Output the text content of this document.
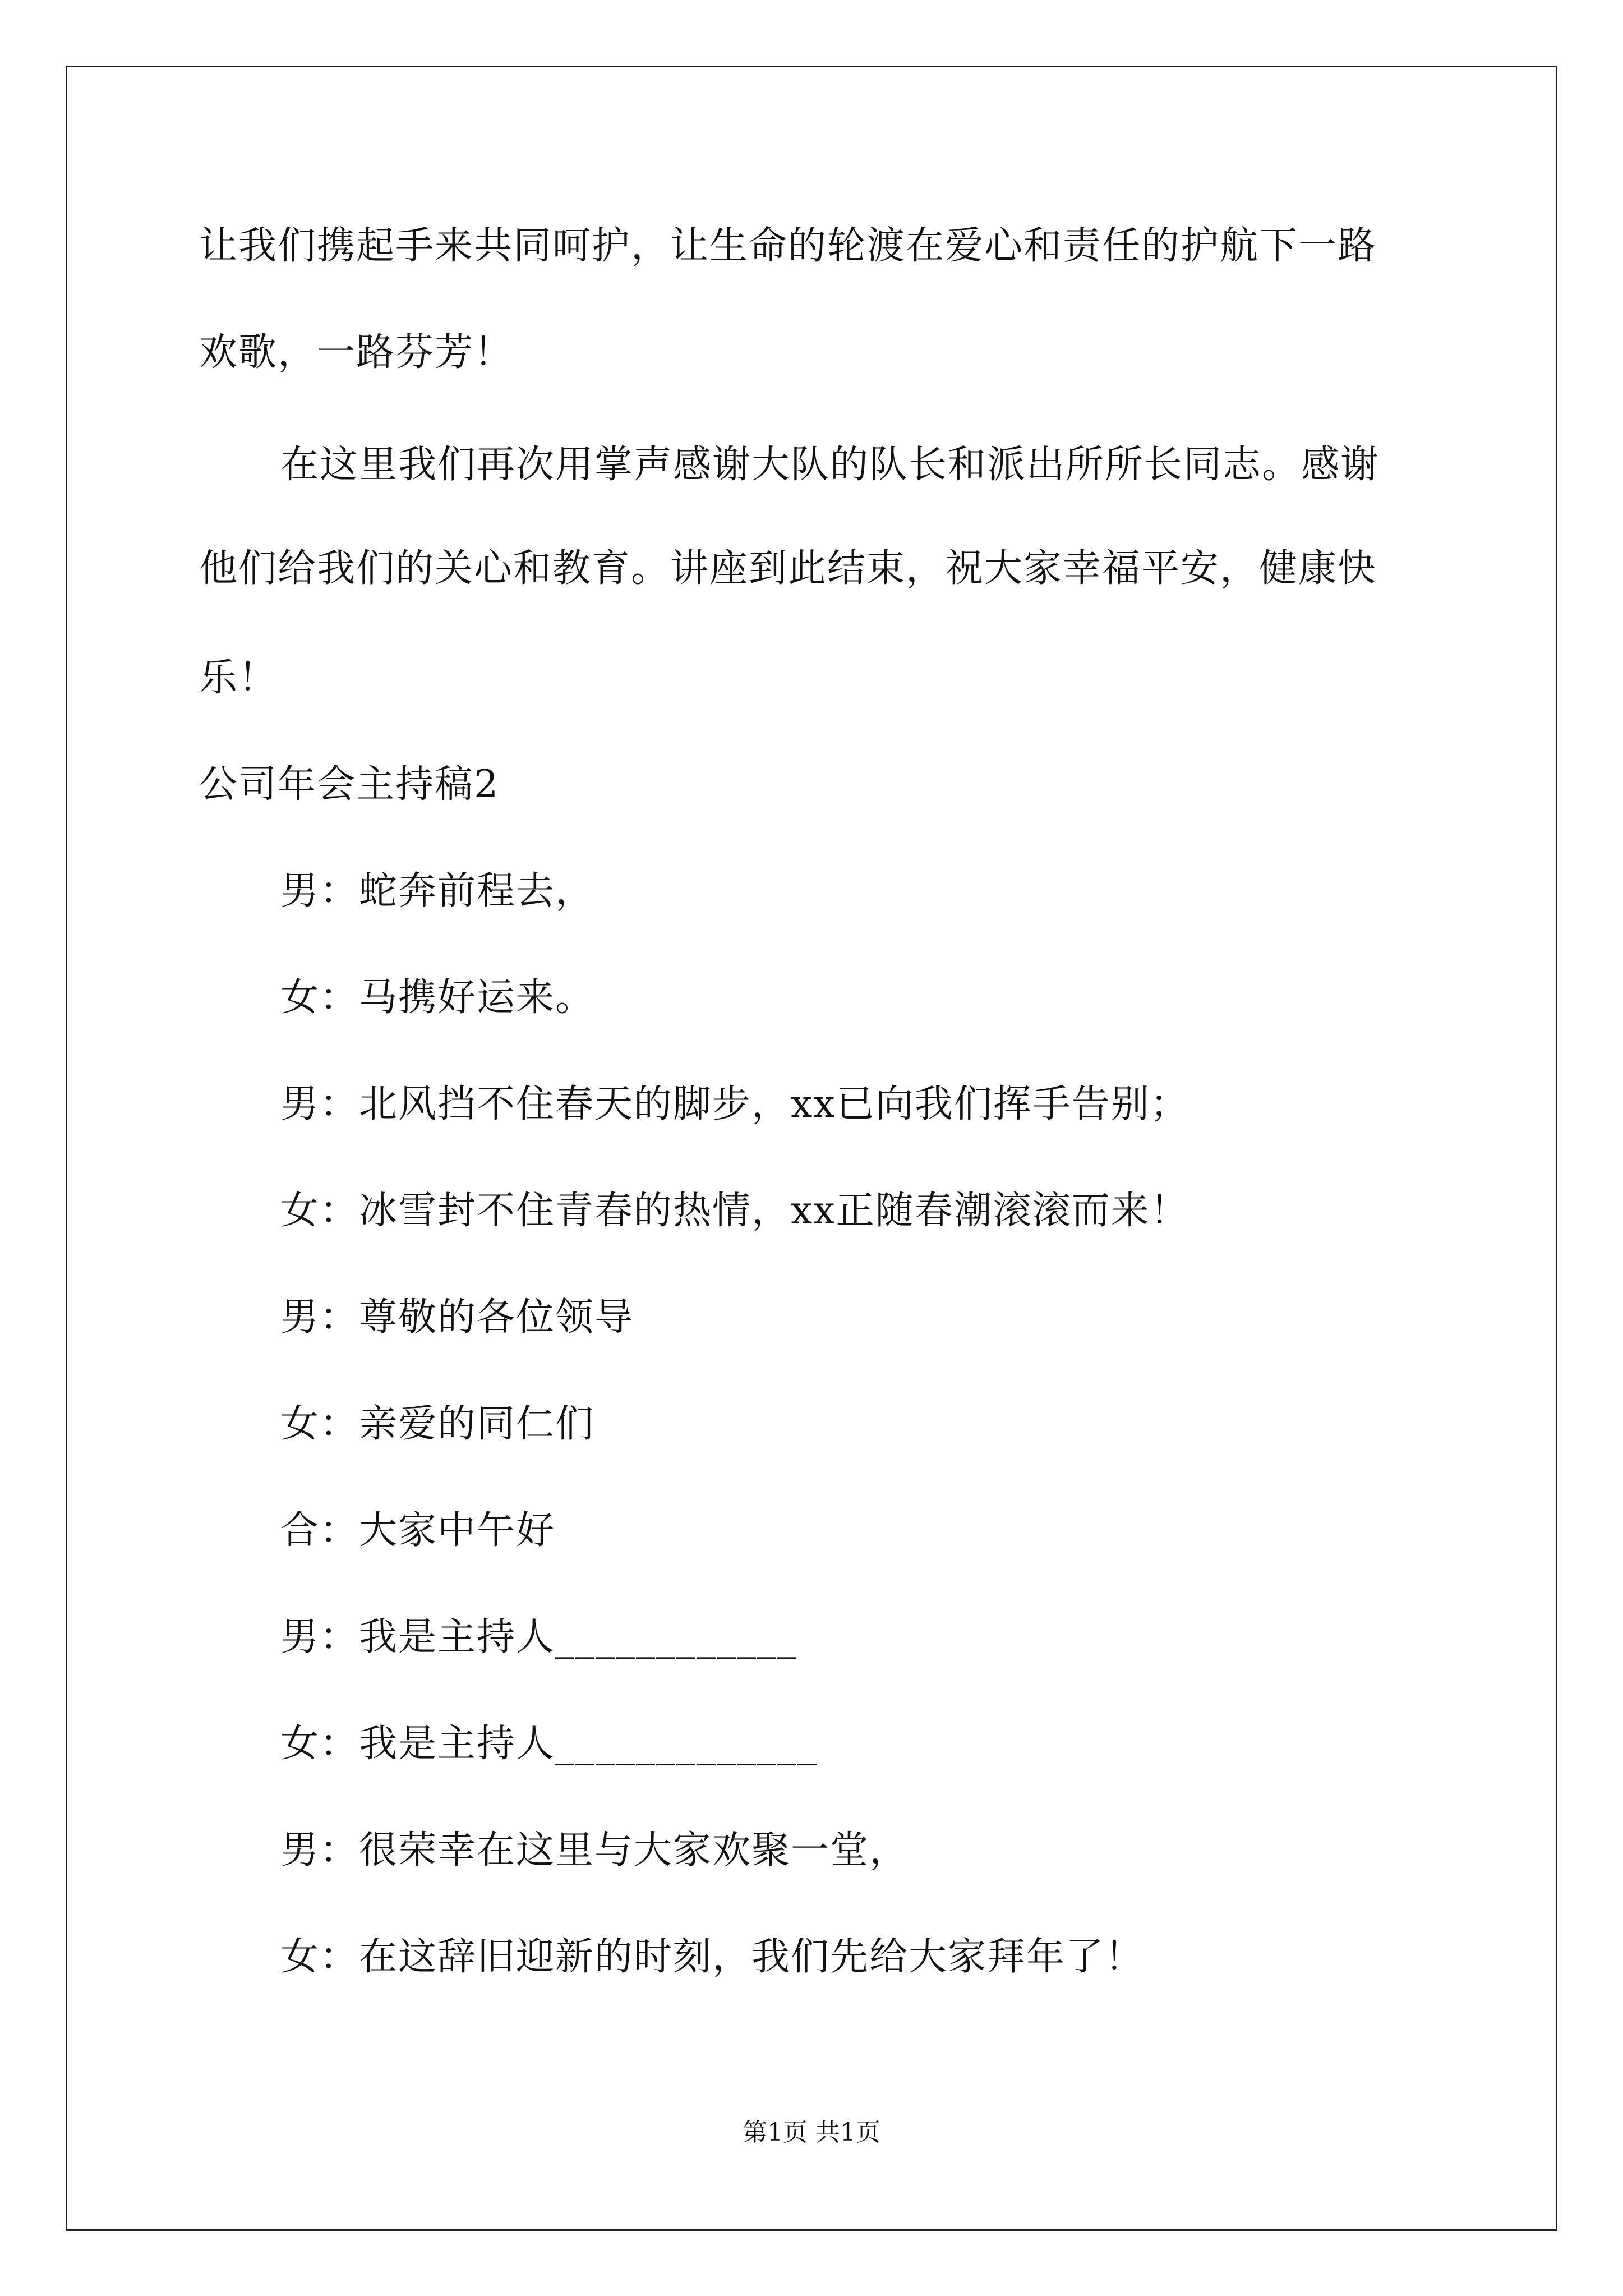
让我们携起手来共同呵护，让生命的轮渡在爱心和责任的护航下一路

欢歌，一路芬芳！

在这里我们再次用掌声感谢大队的队长和派出所所长同志。感谢

他们给我们的关心和教育。讲座到此结束，祝大家幸福平安，健康快

乐！

公司年会主持稿2

男：蛇奔前程去，

女：马携好运来。

男：北风挡不住春天的脚步，xx已向我们挥手告别；

女：冰雪封不住青春的热情，xx正随春潮滚滚而来！

男：尊敬的各位领导

女：亲爱的同仁们

合：大家中午好

男：我是主持人____________

女：我是主持人_____________

男：很荣幸在这里与大家欢聚一堂，

女：在这辞旧迎新的时刻，我们先给大家拜年了！

第1页 共1页
